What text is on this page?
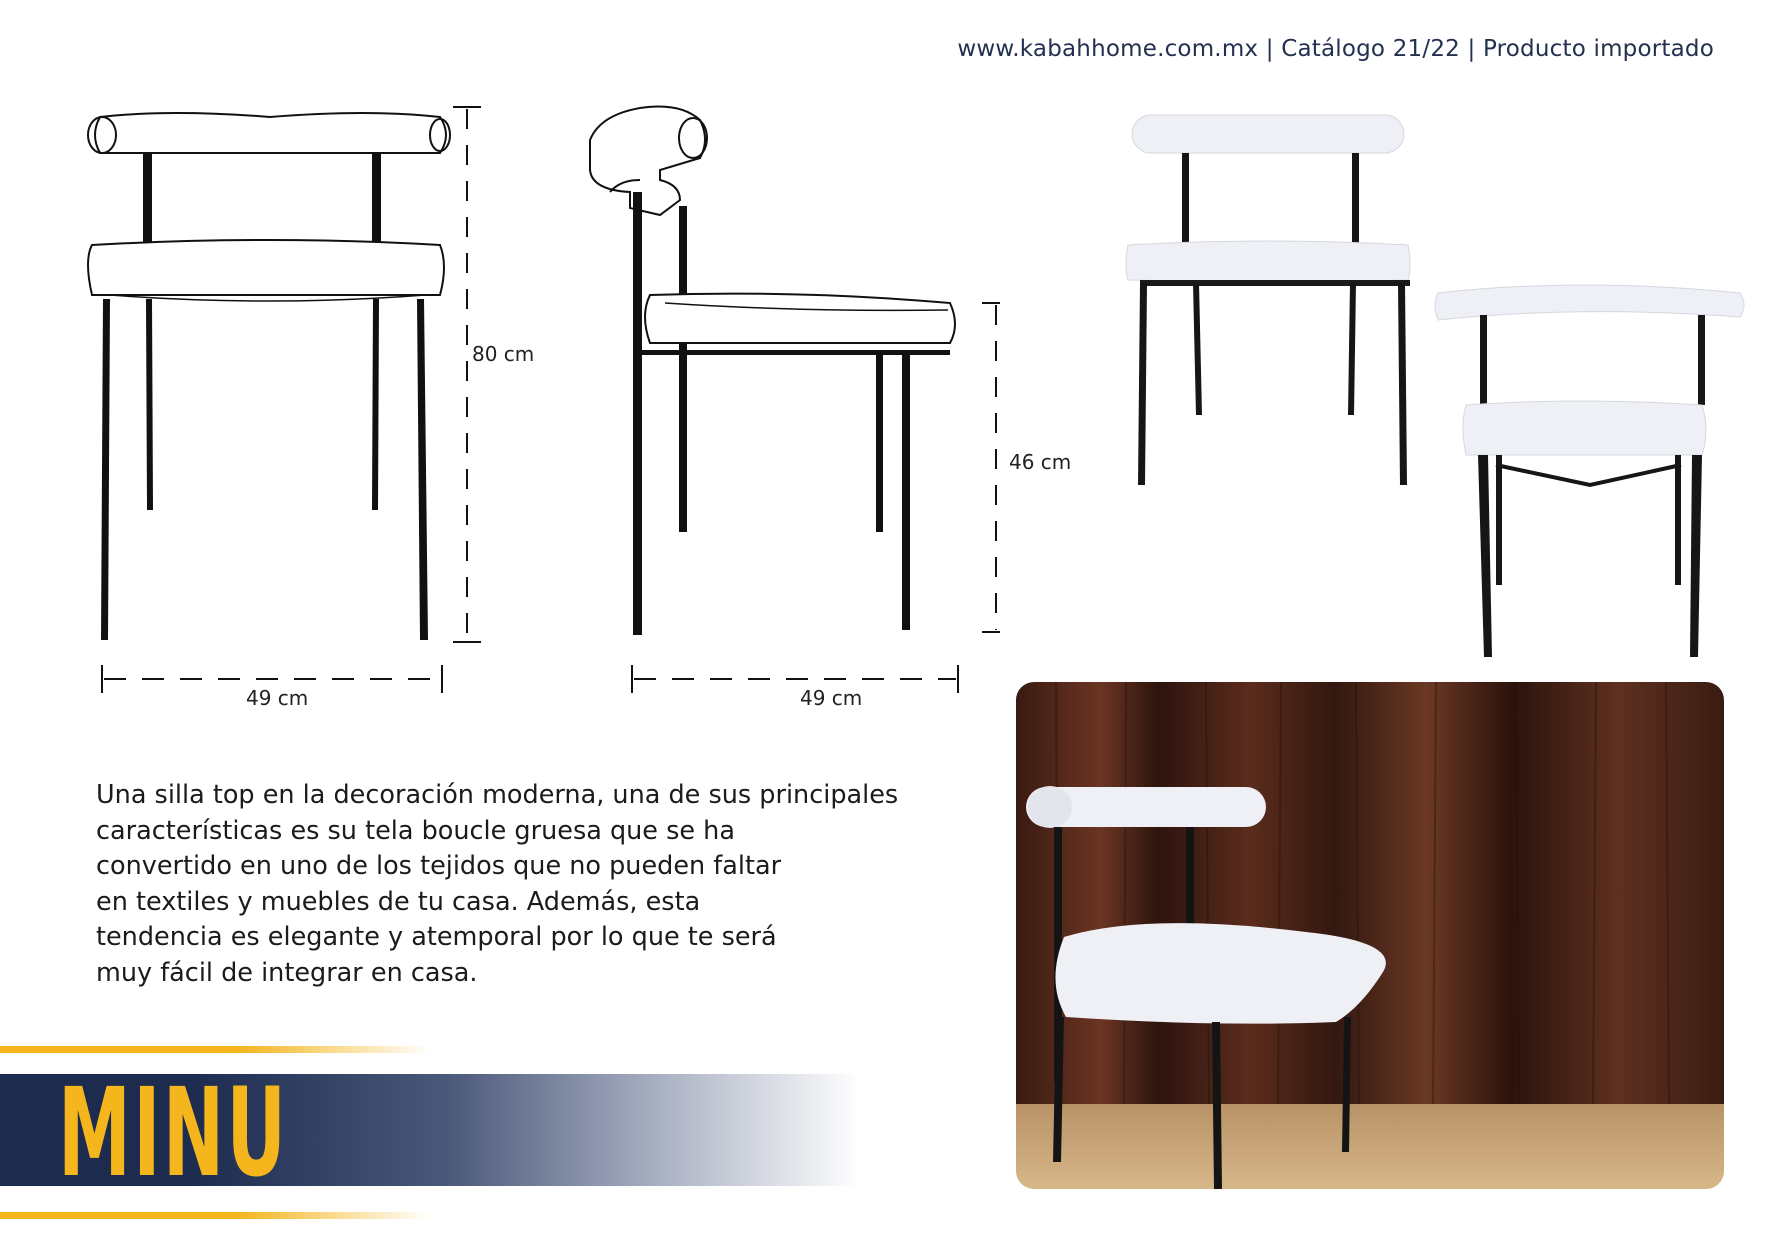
www.kabahhome.com.mx | Catálogo 21/22 | Producto importado
80 cm
49 cm
46 cm
49 cm

Una silla top en la decoración moderna, una de sus principales

características es su tela boucle gruesa que se ha

convertido en uno de los tejidos que no pueden faltar

en textiles y muebles de tu casa. Además, esta

tendencia es elegante y atemporal por lo que te será

muy fácil de integrar en casa.

MINU
